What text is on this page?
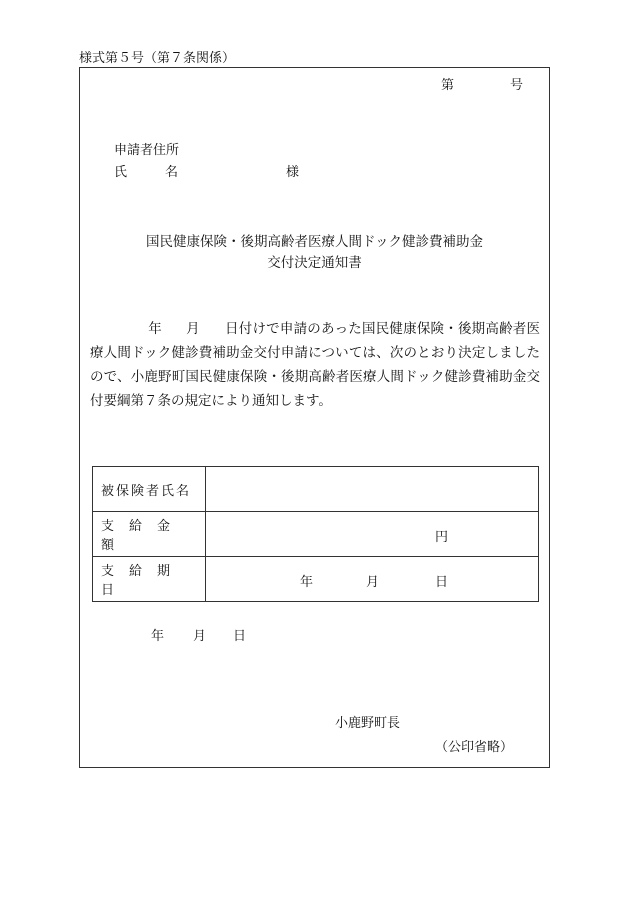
様式第５号（第７条関係）
第	号
申請者住所
氏名	様
国民健康保険・後期高齢者医療人間ドック健診費補助金
交付決定通知書
年 月 日付けで申請のあった国民健康保険・後期高齢者医療人間ドック健診費補助金交付申請については、次のとおり決定しましたので、小鹿野町国民健康保険・後期高齢者医療人間ドック健診費補助金交付要綱第７条の規定により通知します。
被保険者氏名	
支給金額	円

支給期日	年 月 日
年 月 日
小鹿野町長
（公印省略）
